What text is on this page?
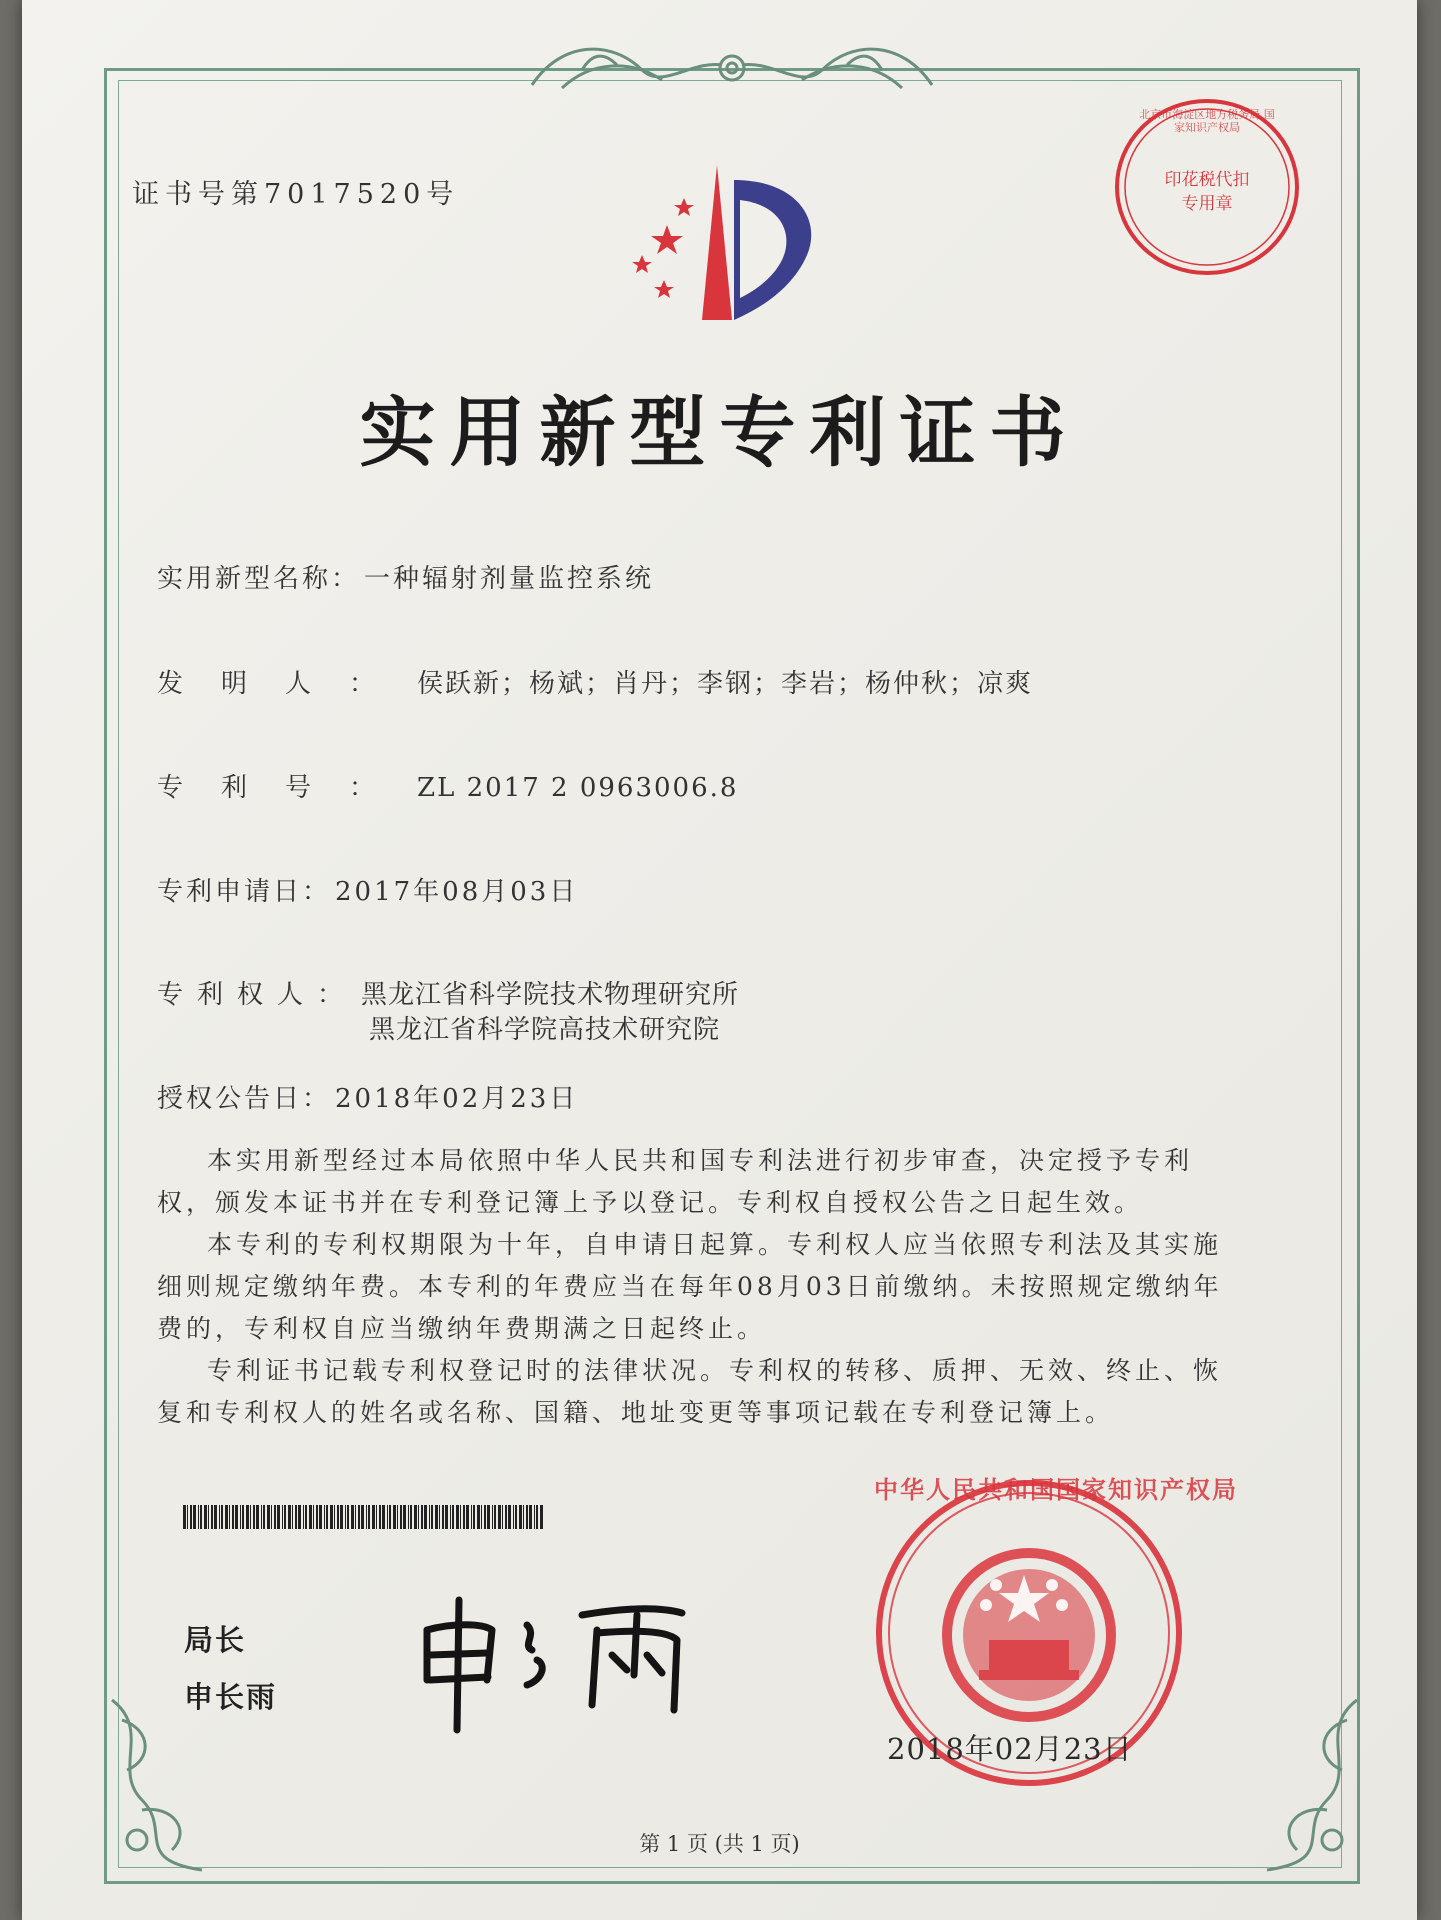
证书号第7017520号	印花税代扣专用章
北京市海淀区地方税务局 国家知识产权局
实用新型专利证书
实用新型名称： 一种辐射剂量监控系统
发明人： 侯跃新；杨斌；肖丹；李钢；李岩；杨仲秋；凉爽
专利号： ZL 2017 2 0963006.8
专利申请日： 2017年08月03日
专利权人： 黑龙江省科学院技术物理研究所
黑龙江省科学院高技术研究院
授权公告日： 2018年02月23日

本实用新型经过本局依照中华人民共和国专利法进行初步审查，决定授予专利权，颁发本证书并在专利登记簿上予以登记。专利权自授权公告之日起生效。

本专利的专利权期限为十年，自申请日起算。专利权人应当依照专利法及其实施细则规定缴纳年费。本专利的年费应当在每年08月03日前缴纳。未按照规定缴纳年费的，专利权自应当缴纳年费期满之日起终止。

专利证书记载专利权登记时的法律状况。专利权的转移、质押、无效、终止、恢复和专利权人的姓名或名称、国籍、地址变更等事项记载在专利登记簿上。

局长
申长雨
中华人民共和国国家知识产权局
2018年02月23日
第 1 页 (共 1 页)
